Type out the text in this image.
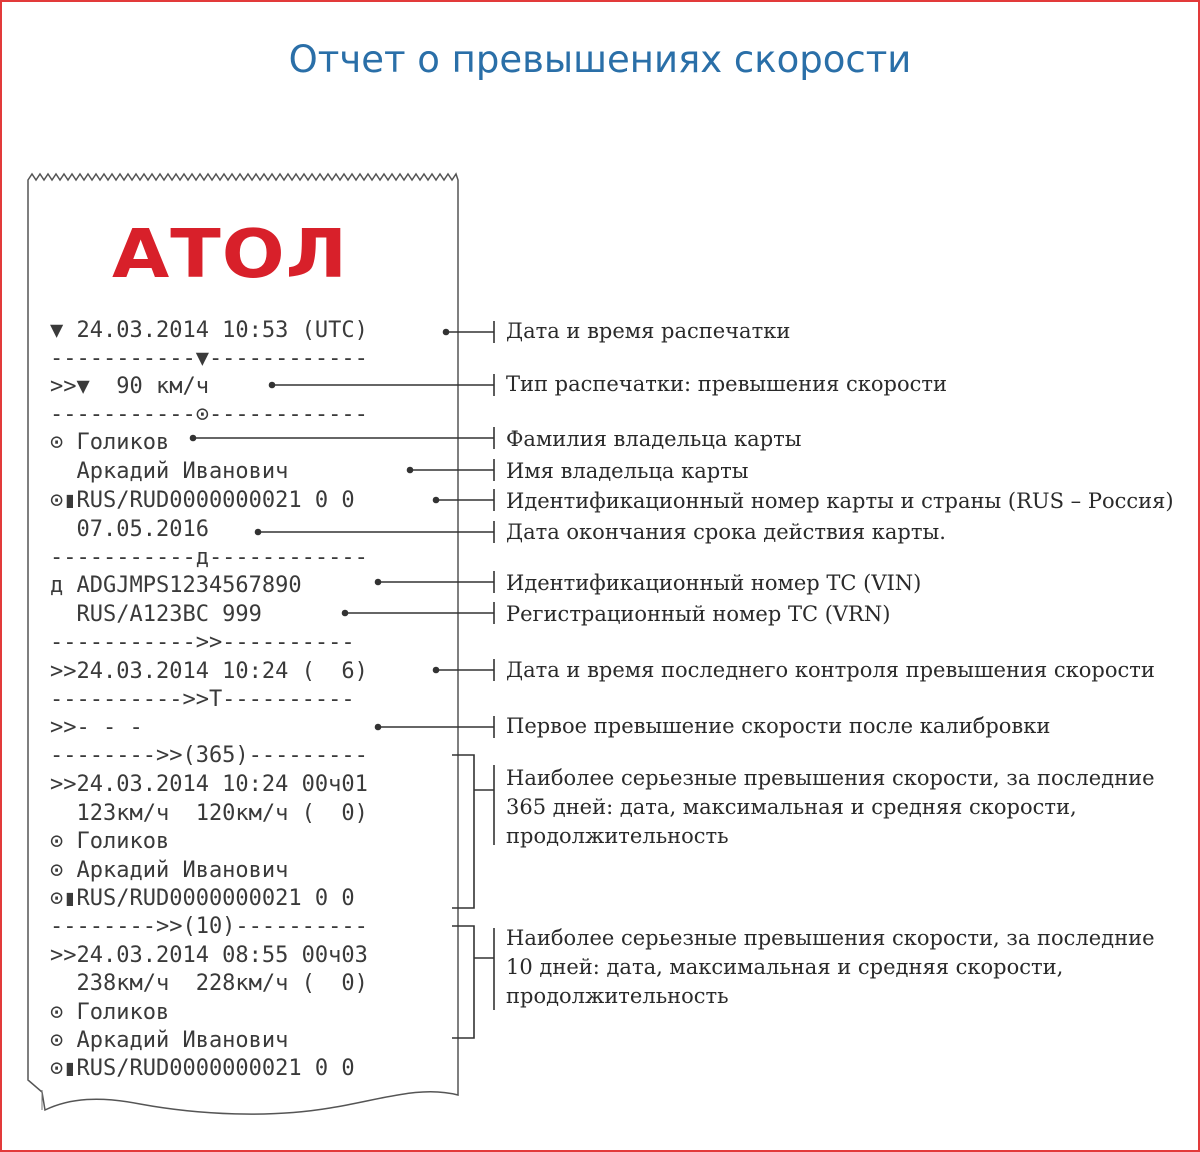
Отчет о превышениях скорости
АТОЛ
▼ 24.03.2014 10:53 (UTC)
-----------▼------------
>>▼  90 км/ч
-----------⊙------------
⊙ Голиков
Аркадий Иванович
⊙▮RUS/RUD0000000021 0 0
07.05.2016
-----------д------------
д ADGJMPS1234567890
RUS/A123BC 999
----------->>----------
>>24.03.2014 10:24 (  6)
---------->>T----------
>>- - -
-------->>(365)---------
>>24.03.2014 10:24 00ч01
123км/ч  120км/ч (  0)
⊙ Голиков
⊙ Аркадий Иванович
⊙▮RUS/RUD0000000021 0 0
-------->>(10)----------
>>24.03.2014 08:55 00ч03
238км/ч  228км/ч (  0)
⊙ Голиков
⊙ Аркадий Иванович
⊙▮RUS/RUD0000000021 0 0
Дата и время распечатки
Тип распечатки: превышения скорости
Фамилия владельца карты
Имя владельца карты
Идентификационный номер карты и страны (RUS – Россия)
Дата окончания срока действия карты.
Идентификационный номер ТС (VIN)
Регистрационный номер ТС (VRN)
Дата и время последнего контроля превышения скорости
Первое превышение скорости после калибровки
Наиболее серьезные превышения скорости, за последние
365 дней: дата, максимальная и средняя скорости,
продолжительность
Наиболее серьезные превышения скорости, за последние
10 дней: дата, максимальная и средняя скорости,
продолжительность
